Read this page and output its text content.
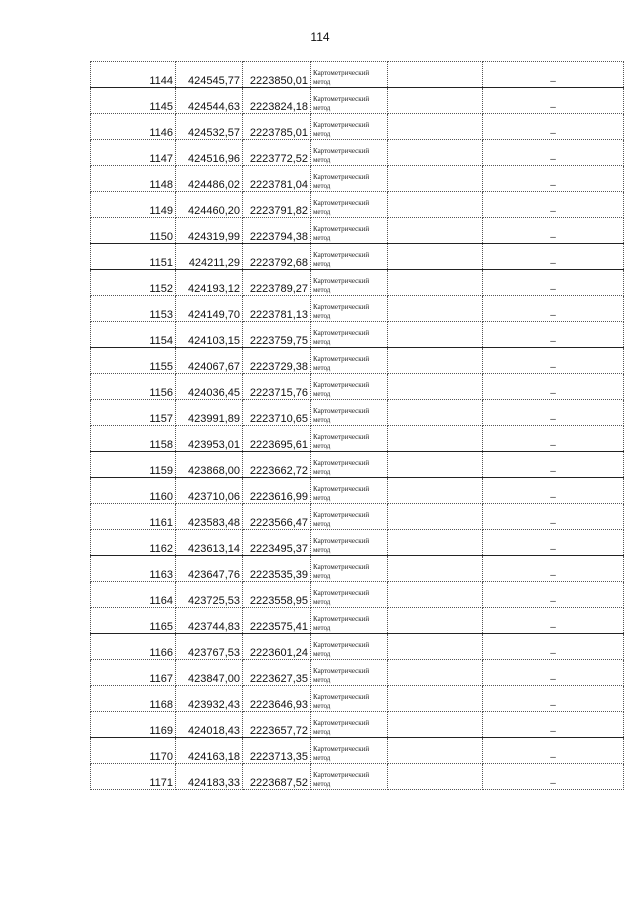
114
1144	424545,77	2223850,01	Картометрический метод		–
1145	424544,63	2223824,18	Картометрический метод		–
1146	424532,57	2223785,01	Картометрический метод		–
1147	424516,96	2223772,52	Картометрический метод		–
1148	424486,02	2223781,04	Картометрический метод		–
1149	424460,20	2223791,82	Картометрический метод		–
1150	424319,99	2223794,38	Картометрический метод		–
1151	424211,29	2223792,68	Картометрический метод		–
1152	424193,12	2223789,27	Картометрический метод		–
1153	424149,70	2223781,13	Картометрический метод		–
1154	424103,15	2223759,75	Картометрический метод		–
1155	424067,67	2223729,38	Картометрический метод		–
1156	424036,45	2223715,76	Картометрический метод		–
1157	423991,89	2223710,65	Картометрический метод		–
1158	423953,01	2223695,61	Картометрический метод		–
1159	423868,00	2223662,72	Картометрический метод		–
1160	423710,06	2223616,99	Картометрический метод		–
1161	423583,48	2223566,47	Картометрический метод		–
1162	423613,14	2223495,37	Картометрический метод		–
1163	423647,76	2223535,39	Картометрический метод		–
1164	423725,53	2223558,95	Картометрический метод		–
1165	423744,83	2223575,41	Картометрический метод		–
1166	423767,53	2223601,24	Картометрический метод		–
1167	423847,00	2223627,35	Картометрический метод		–
1168	423932,43	2223646,93	Картометрический метод		–
1169	424018,43	2223657,72	Картометрический метод		–
1170	424163,18	2223713,35	Картометрический метод		–
1171	424183,33	2223687,52	Картометрический метод		–
